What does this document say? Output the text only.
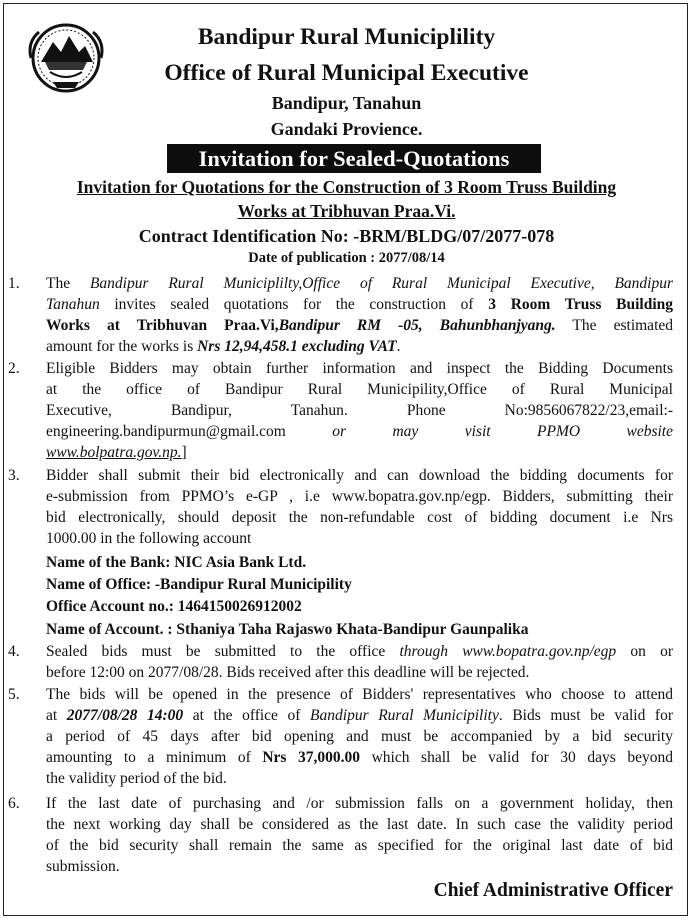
Bandipur Rural Municiplility
Office of Rural Municipal Executive
Bandipur, Tanahun
Gandaki Provience.
Invitation for Sealed-Quotations
Invitation for Quotations for the Construction of 3 Room Truss Building
Works at Tribhuvan Praa.Vi.
Contract Identification No: -BRM/BLDG/07/2077-078
Date of publication : 2077/08/14
1.	The Bandipur Rural Municiplilty,Office of Rural Municipal Executive, Bandipur
Tanahun invites sealed quotations for the construction of 3 Room Truss Building
Works at Tribhuvan Praa.Vi,Bandipur RM -05, Bahunbhanjyang. The estimated
amount for the works is Nrs 12,94,458.1 excluding VAT.
2.	Eligible Bidders may obtain further information and inspect the Bidding Documents
at the office of Bandipur Rural Municipility,Office of Rural Municipal
Executive, Bandipur, Tanahun. Phone No:9856067822/23,email:-
engineering.bandipurmun@gmail.com or may visit PPMO website
www.bolpatra.gov.np.]
3.	Bidder shall submit their bid electronically and can download the bidding documents for
e-submission from PPMO’s e-GP , i.e www.bopatra.gov.np/egp. Bidders, submitting their
bid electronically, should deposit the non-refundable cost of bidding document i.e Nrs
1000.00 in the following account
Name of the Bank: NIC Asia Bank Ltd.
Name of Office: -Bandipur Rural Municipility
Office Account no.: 1464150026912002
Name of Account. : Sthaniya Taha Rajaswo Khata-Bandipur Gaunpalika
4.	Sealed bids must be submitted to the office through www.bopatra.gov.np/egp on or
before 12:00 on 2077/08/28. Bids received after this deadline will be rejected.
5.	The bids will be opened in the presence of Bidders' representatives who choose to attend
at 2077/08/28 14:00 at the office of Bandipur Rural Municipility. Bids must be valid for
a period of 45 days after bid opening and must be accompanied by a bid security
amounting to a minimum of Nrs 37,000.00 which shall be valid for 30 days beyond
the validity period of the bid.
6.	If the last date of purchasing and /or submission falls on a government holiday, then
the next working day shall be considered as the last date. In such case the validity period
of the bid security shall remain the same as specified for the original last date of bid
submission.
Chief Administrative Officer
